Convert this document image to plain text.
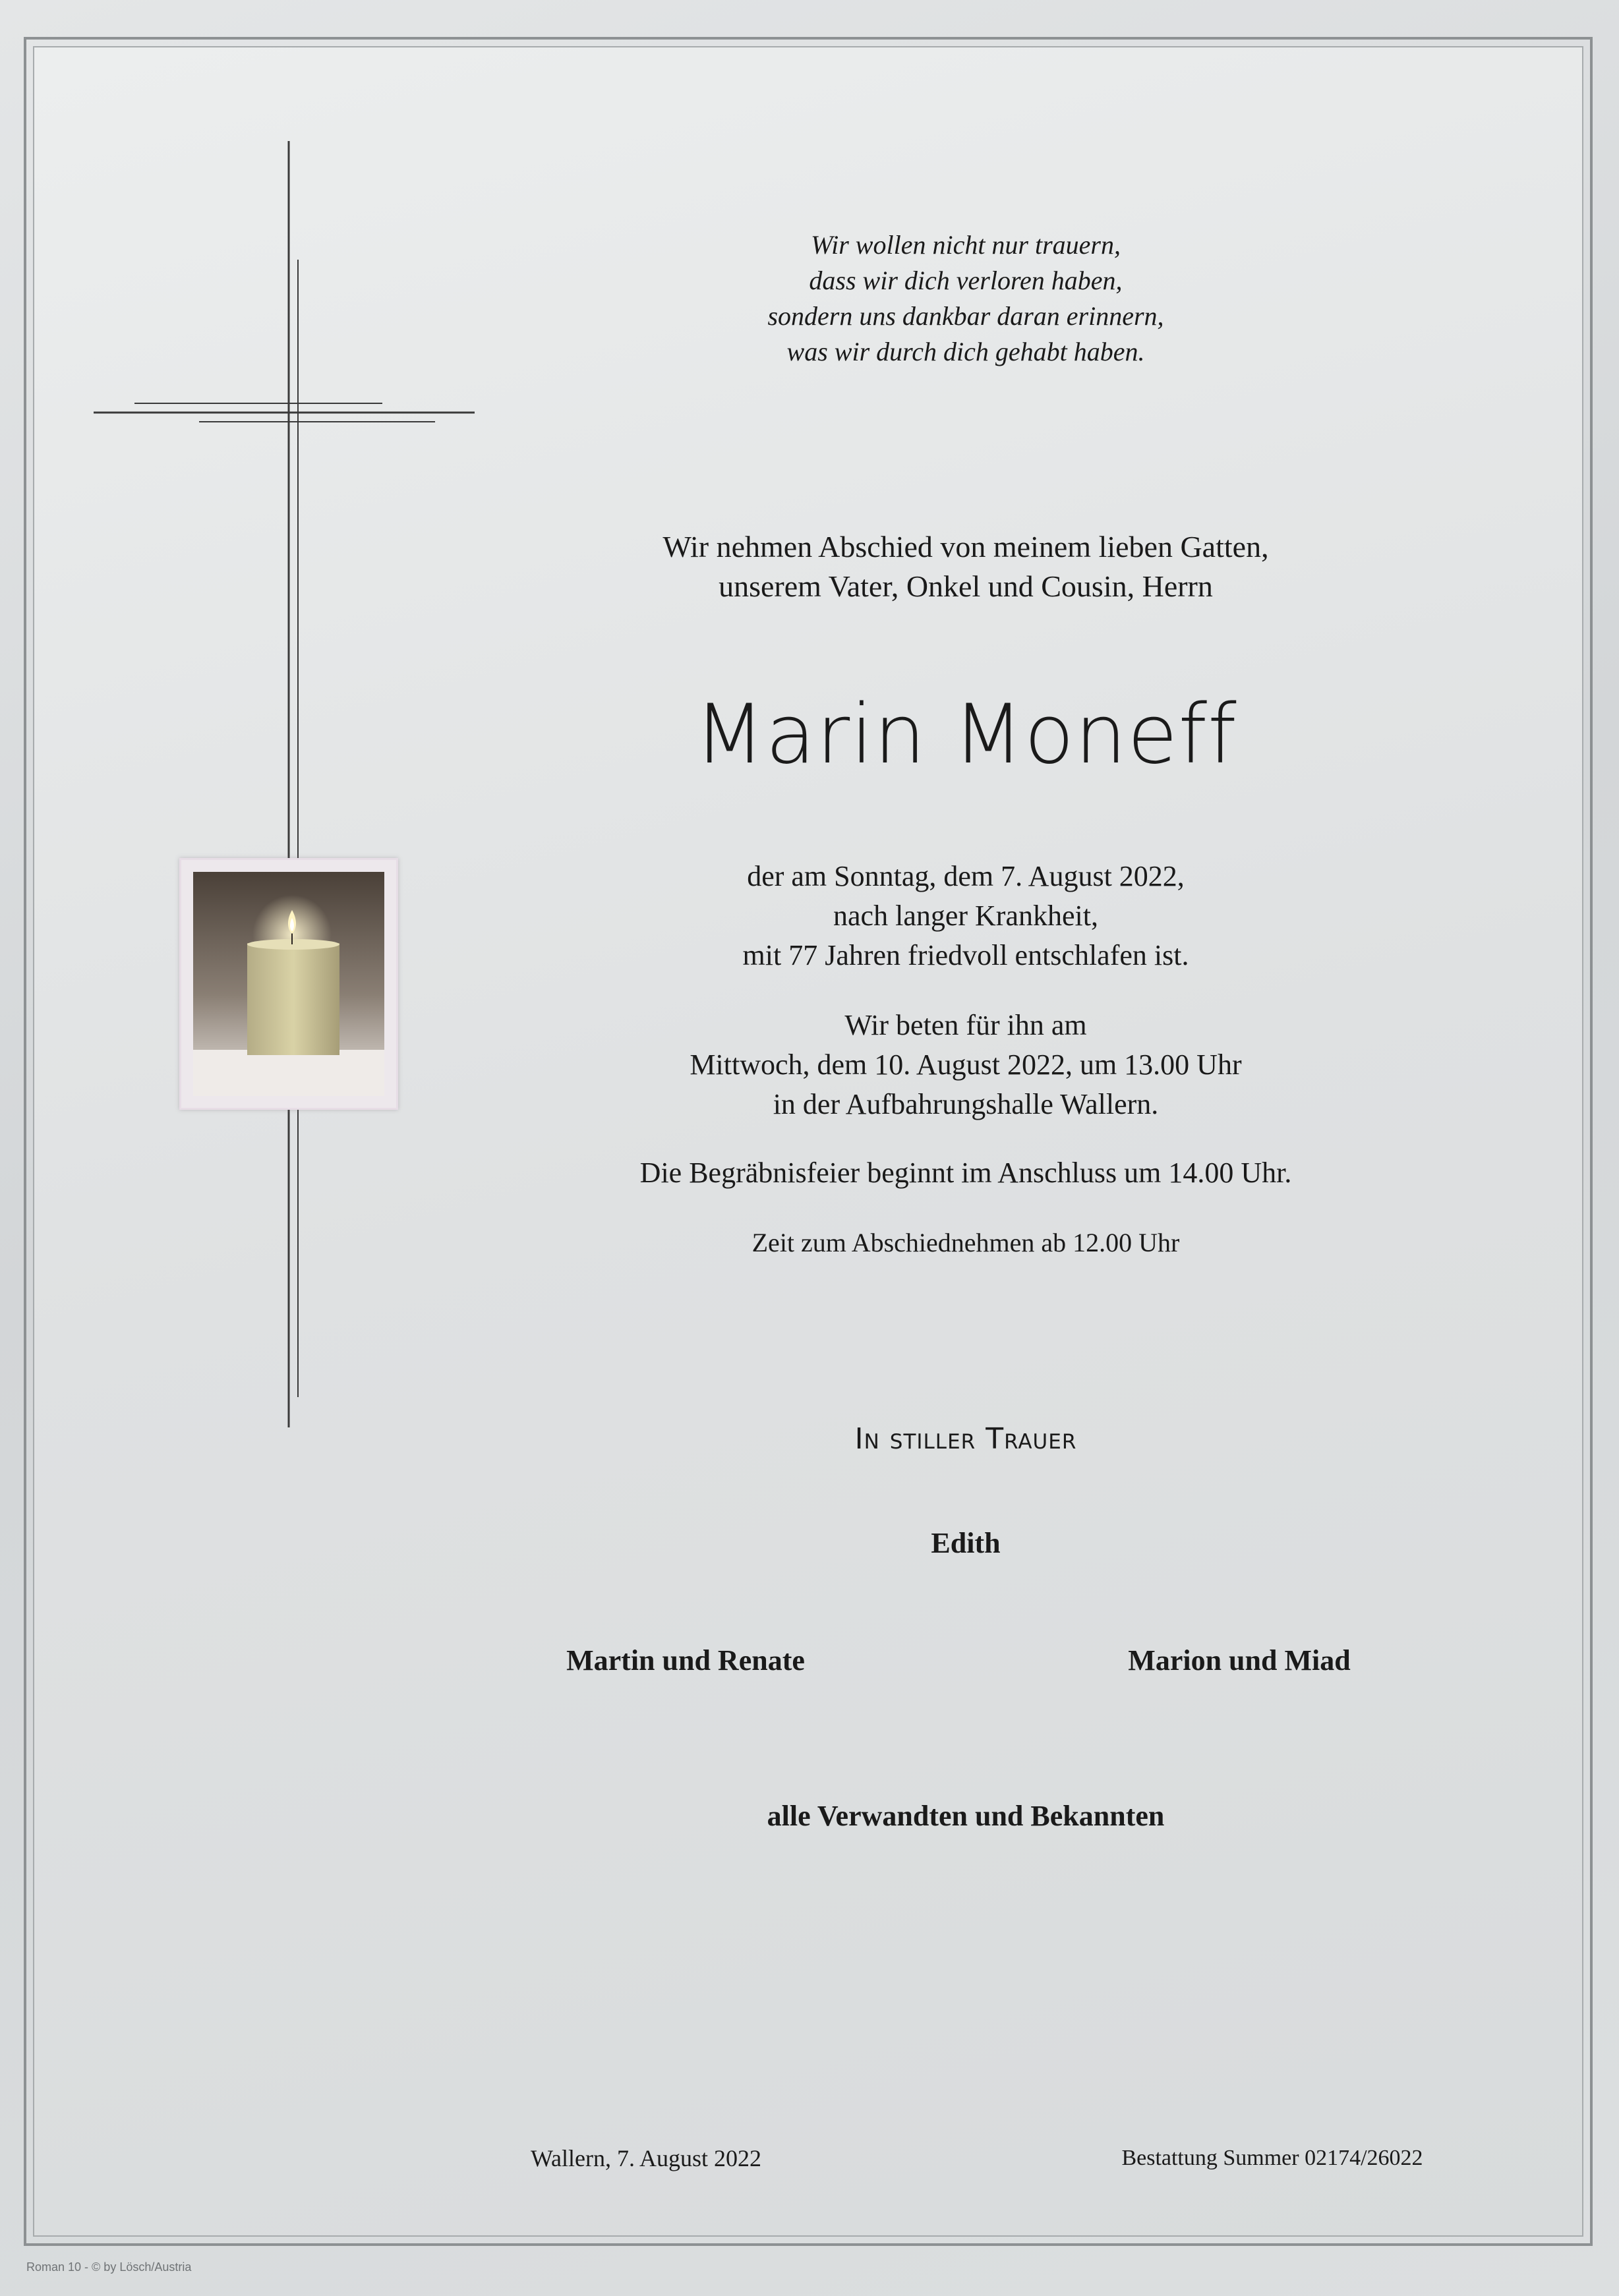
Wir wollen nicht nur trauern,
dass wir dich verloren haben,
sondern uns dankbar daran erinnern,
was wir durch dich gehabt haben.
Wir nehmen Abschied von meinem lieben Gatten,
unserem Vater, Onkel und Cousin, Herrn
Marin Moneff
der am Sonntag, dem 7. August 2022,
nach langer Krankheit,
mit 77 Jahren friedvoll entschlafen ist.
Wir beten für ihn am
Mittwoch, dem 10. August 2022, um 13.00 Uhr
in der Aufbahrungshalle Wallern.
Die Begräbnisfeier beginnt im Anschluss um 14.00 Uhr.
Zeit zum Abschiednehmen ab 12.00 Uhr
In stiller Trauer
Edith
Martin und Renate	Marion und Miad
alle Verwandten und Bekannten
Wallern, 7. August 2022	Bestattung Summer 02174/26022
Roman 10 - © by Lösch/Austria
